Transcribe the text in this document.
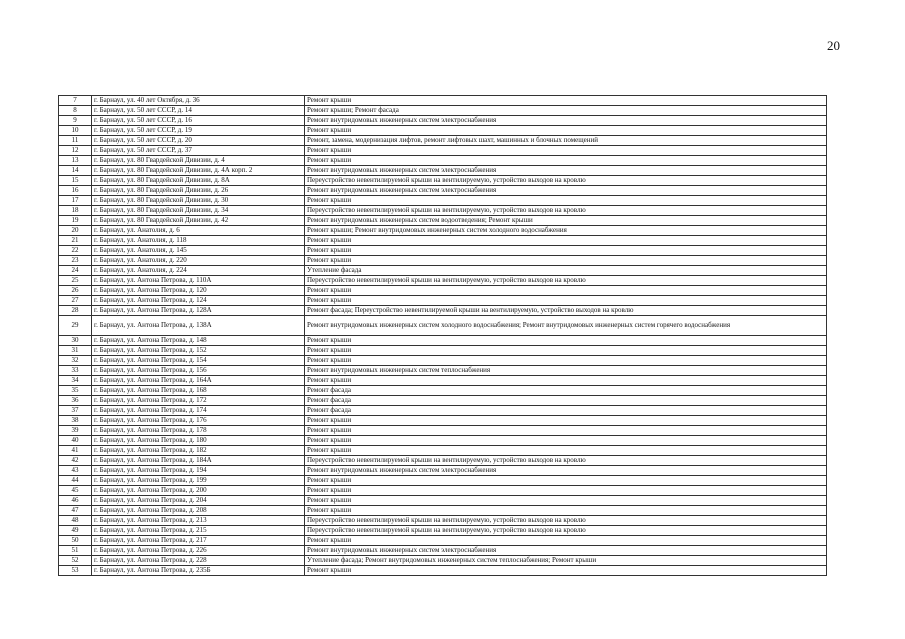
20
7	г. Барнаул, ул. 40 лет Октября, д. 36	Ремонт крыши
8	г. Барнаул, ул. 50 лет СССР, д. 14	Ремонт крыши; Ремонт фасада
9	г. Барнаул, ул. 50 лет СССР, д. 16	Ремонт внутридомовых инженерных систем электроснабжения
10	г. Барнаул, ул. 50 лет СССР, д. 19	Ремонт крыши
11	г. Барнаул, ул. 50 лет СССР, д. 20	Ремонт, замена, модернизация лифтов, ремонт лифтовых шахт, машинных и блочных помещений
12	г. Барнаул, ул. 50 лет СССР, д. 37	Ремонт крыши
13	г. Барнаул, ул. 80 Гвардейской Дивизии, д. 4	Ремонт крыши
14	г. Барнаул, ул. 80 Гвардейской Дивизии, д. 4А корп. 2	Ремонт внутридомовых инженерных систем электроснабжения
15	г. Барнаул, ул. 80 Гвардейской Дивизии, д. 8А	Переустройство невентилируемой крыши на вентилируемую, устройство выходов на кровлю
16	г. Барнаул, ул. 80 Гвардейской Дивизии, д. 26	Ремонт внутридомовых инженерных систем электроснабжения
17	г. Барнаул, ул. 80 Гвардейской Дивизии, д. 30	Ремонт крыши
18	г. Барнаул, ул. 80 Гвардейской Дивизии, д. 34	Переустройство невентилируемой крыши на вентилируемую, устройство выходов на кровлю
19	г. Барнаул, ул. 80 Гвардейской Дивизии, д. 42	Ремонт внутридомовых инженерных систем водоотведения; Ремонт крыши
20	г. Барнаул, ул. Анатолия, д. 6	Ремонт крыши; Ремонт внутридомовых инженерных систем холодного водоснабжения
21	г. Барнаул, ул. Анатолия, д. 118	Ремонт крыши
22	г. Барнаул, ул. Анатолия, д. 145	Ремонт крыши
23	г. Барнаул, ул. Анатолия, д. 220	Ремонт крыши
24	г. Барнаул, ул. Анатолия, д. 224	Утепление фасада
25	г. Барнаул, ул. Антона Петрова, д. 110А	Переустройство невентилируемой крыши на вентилируемую, устройство выходов на кровлю
26	г. Барнаул, ул. Антона Петрова, д. 120	Ремонт крыши
27	г. Барнаул, ул. Антона Петрова, д. 124	Ремонт крыши
28	г. Барнаул, ул. Антона Петрова, д. 128А	Ремонт фасада; Переустройство невентилируемой крыши на вентилируемую, устройство выходов на кровлю
29	г. Барнаул, ул. Антона Петрова, д. 138А	Ремонт внутридомовых инженерных систем холодного водоснабжения; Ремонт внутридомовых инженерных систем горячего водоснабжения
30	г. Барнаул, ул. Антона Петрова, д. 148	Ремонт крыши
31	г. Барнаул, ул. Антона Петрова, д. 152	Ремонт крыши
32	г. Барнаул, ул. Антона Петрова, д. 154	Ремонт крыши
33	г. Барнаул, ул. Антона Петрова, д. 156	Ремонт внутридомовых инженерных систем теплоснабжения
34	г. Барнаул, ул. Антона Петрова, д. 164А	Ремонт крыши
35	г. Барнаул, ул. Антона Петрова, д. 168	Ремонт фасада
36	г. Барнаул, ул. Антона Петрова, д. 172	Ремонт фасада
37	г. Барнаул, ул. Антона Петрова, д. 174	Ремонт фасада
38	г. Барнаул, ул. Антона Петрова, д. 176	Ремонт крыши
39	г. Барнаул, ул. Антона Петрова, д. 178	Ремонт крыши
40	г. Барнаул, ул. Антона Петрова, д. 180	Ремонт крыши
41	г. Барнаул, ул. Антона Петрова, д. 182	Ремонт крыши
42	г. Барнаул, ул. Антона Петрова, д. 184А	Переустройство невентилируемой крыши на вентилируемую, устройство выходов на кровлю
43	г. Барнаул, ул. Антона Петрова, д. 194	Ремонт внутридомовых инженерных систем электроснабжения
44	г. Барнаул, ул. Антона Петрова, д. 199	Ремонт крыши
45	г. Барнаул, ул. Антона Петрова, д. 200	Ремонт крыши
46	г. Барнаул, ул. Антона Петрова, д. 204	Ремонт крыши
47	г. Барнаул, ул. Антона Петрова, д. 208	Ремонт крыши
48	г. Барнаул, ул. Антона Петрова, д. 213	Переустройство невентилируемой крыши на вентилируемую, устройство выходов на кровлю
49	г. Барнаул, ул. Антона Петрова, д. 215	Переустройство невентилируемой крыши на вентилируемую, устройство выходов на кровлю
50	г. Барнаул, ул. Антона Петрова, д. 217	Ремонт крыши
51	г. Барнаул, ул. Антона Петрова, д. 226	Ремонт внутридомовых инженерных систем электроснабжения
52	г. Барнаул, ул. Антона Петрова, д. 228	Утепление фасада; Ремонт внутридомовых инженерных систем теплоснабжения; Ремонт крыши
53	г. Барнаул, ул. Антона Петрова, д. 235Б	Ремонт крыши
